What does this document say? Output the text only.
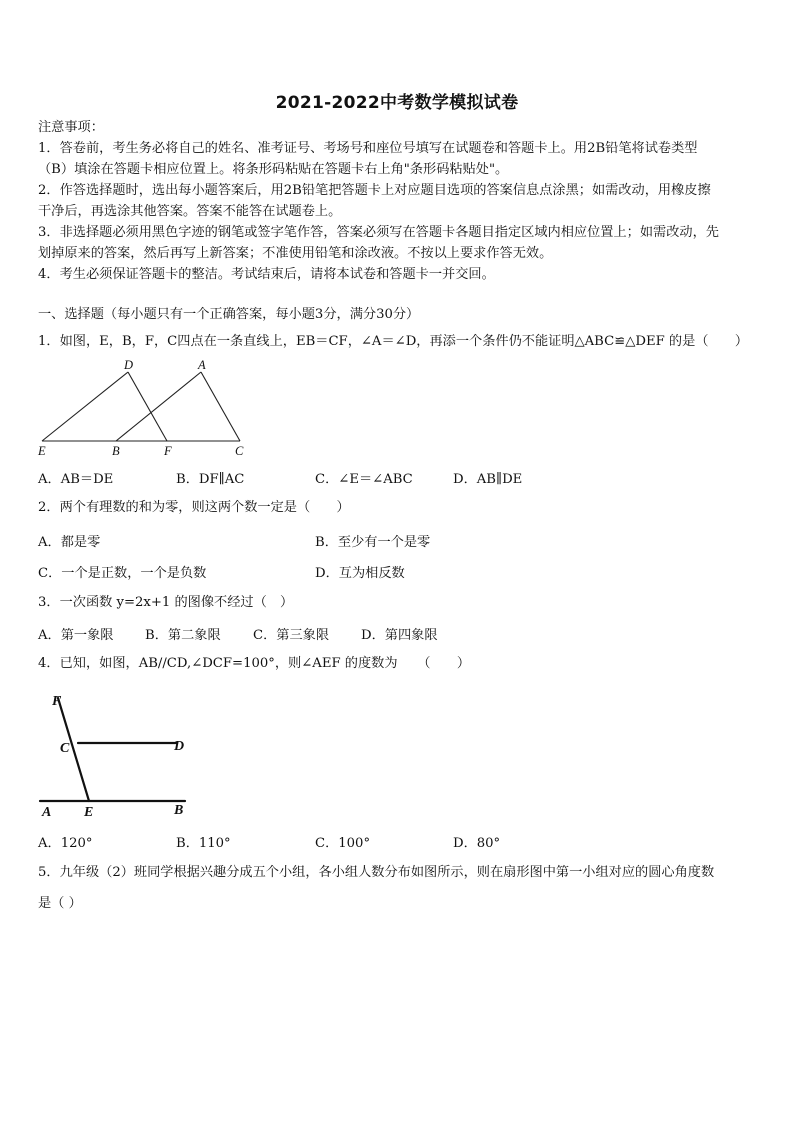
2021-2022中考数学模拟试卷
注意事项：
1．答卷前，考生务必将自己的姓名、准考证号、考场号和座位号填写在试题卷和答题卡上。用2B铅笔将试卷类型
（B）填涂在答题卡相应位置上。将条形码粘贴在答题卡右上角"条形码粘贴处"。
2．作答选择题时，选出每小题答案后，用2B铅笔把答题卡上对应题目选项的答案信息点涂黑；如需改动，用橡皮擦
干净后，再选涂其他答案。答案不能答在试题卷上。
3．非选择题必须用黑色字迹的钢笔或签字笔作答，答案必须写在答题卡各题目指定区域内相应位置上；如需改动，先
划掉原来的答案，然后再写上新答案；不准使用铅笔和涂改液。不按以上要求作答无效。
4．考生必须保证答题卡的整洁。考试结束后，请将本试卷和答题卡一并交回。
一、选择题（每小题只有一个正确答案，每小题3分，满分30分）
1．如图，E，B，F，C四点在一条直线上，EB＝CF，∠A＝∠D，再添一个条件仍不能证明△ABC≌△DEF 的是（　　）
D	A
E	B	F	C
A．AB＝DE	B．DF∥AC	C．∠E＝∠ABC	D．AB∥DE
2．两个有理数的和为零，则这两个数一定是（　　）
A．都是零	B．至少有一个是零
C．一个是正数，一个是负数	D．互为相反数
3．一次函数 y=2x+1 的图像不经过（　）
A．第一象限 B．第二象限 C．第三象限 D．第四象限
4．已知，如图，AB//CD,∠DCF=100°，则∠AEF 的度数为　　（　　）
F
C	D
A E	B
A．120°	B．110°	C．100°	D．80°
5．九年级（2）班同学根据兴趣分成五个小组，各小组人数分布如图所示，则在扇形图中第一小组对应的圆心角度数
是（ ）
